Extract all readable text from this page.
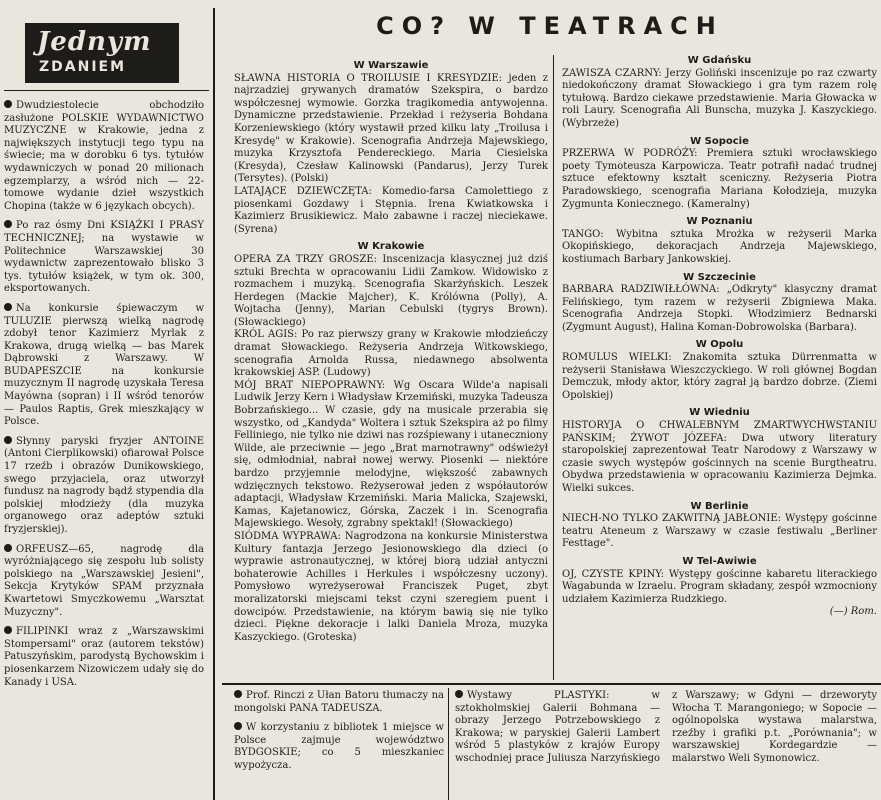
Jednym
ZDANIEM
CO? W TEATRACH

Dwudziestolecie obchodziło zasłużone POLSKIE WYDAWNICTWO MUZYCZNE w Krakowie, jedna z największych instytucji tego typu na świecie; ma w dorobku 6 tys. tytułów wydawniczych w ponad 20 milionach egzemplarzy, a wśród nich — 22-tomowe wydanie dzieł wszystkich Chopina (także w 6 językach obcych).

Po raz ósmy Dni KSIĄŻKI I PRASY TECHNICZNEJ; na wystawie w Politechnice Warszawskiej 30 wydawnictw zaprezentowało blisko 3 tys. tytułów książek, w tym ok. 300, eksportowanych.

Na konkursie śpiewaczym w TULUZIE pierwszą wielką nagrodę zdobył tenor Kazimierz Myrlak z Krakowa, drugą wielką — bas Marek Dąbrowski z Warszawy. W BUDAPESZCIE na konkursie muzycznym II nagrodę uzyskała Teresa Mayówna (sopran) i II wśród tenorów — Paulos Raptis, Grek mieszkający w Polsce.

Słynny paryski fryzjer ANTOINE (Antoni Cierplikowski) ofiarował Polsce 17 rzeźb i obrazów Dunikowskiego, swego przyjaciela, oraz utworzył fundusz na nagrody bądź stypendia dla polskiej młodzieży (dla muzyka organowego oraz adeptów sztuki fryzjerskiej).

ORFEUSZ—65, nagrodę dla wyróżniającego się zespołu lub solisty polskiego na „Warszawskiej Jesieni", Sekcja Krytyków SPAM przyznała Kwartetowi Smyczkowemu „Warsztat Muzyczny".

FILIPINKI wraz z „Warszawskimi Stompersami" oraz (autorem tekstów) Patuszyńskim, parodystą Bychowskim i piosenkarzem Nizowiczem udały się do Kanady i USA.

W Warszawie

SŁAWNA HISTORIA O TROILUSIE I KRESYDZIE: jeden z najrzadziej grywanych dramatów Szekspira, o bardzo współczesnej wymowie. Gorzka tragikomedia antywojenna. Dynamiczne przedstawienie. Przekład i reżyseria Bohdana Korzeniewskiego (który wystawił przed kilku laty „Troilusa i Kresydę" w Krakowie). Scenografia Andrzeja Majewskiego, muzyka Krzysztofa Pendereckiego. Maria Ciesielska (Kresyda), Czesław Kalinowski (Pandarus), Jerzy Turek (Tersytes). (Polski)

LATAJĄCE DZIEWCZĘTA: Komedio-farsa Camolettiego z piosenkami Gozdawy i Stępnia. Irena Kwiatkowska i Kazimierz Brusikiewicz. Mało zabawne i raczej nieciekawe. (Syrena)

W Krakowie

OPERA ZA TRZY GROSZE: Inscenizacja klasycznej już dziś sztuki Brechta w opracowaniu Lidii Zamkow. Widowisko z rozmachem i muzyką. Scenografia Skarżyńskich. Leszek Herdegen (Mackie Majcher), K. Królówna (Polly), A. Wojtacha (Jenny), Marian Cebulski (tygrys Brown). (Słowackiego)

KRÓL AGIS: Po raz pierwszy grany w Krakowie młodzieńczy dramat Słowackiego. Reżyseria Andrzeja Witkowskiego, scenografia Arnolda Russa, niedawnego absolwenta krakowskiej ASP. (Ludowy)

MÓJ BRAT NIEPOPRAWNY: Wg Oscara Wilde'a napisali Ludwik Jerzy Kern i Władysław Krzemiński, muzyka Tadeusza Bobrzańskiego... W czasie, gdy na musicale przerabia się wszystko, od „Kandyda" Woltera i sztuk Szekspira aż po filmy Felliniego, nie tylko nie dziwi nas rozśpiewany i utaneczniony Wilde, ale przeciwnie — jego „Brat marnotrawny" odświeżył się, odmłodniał, nabrał nowej werwy. Piosenki — niektóre bardzo przyjemnie melodyjne, większość zabawnych wdzięcznych tekstowo. Reżyserował jeden z współautorów adaptacji, Władysław Krzemiński. Maria Malicka, Szajewski, Kamas, Kajetanowicz, Górska, Zaczek i in. Scenografia Majewskiego. Wesoły, zgrabny spektakl! (Słowackiego)

SIÓDMA WYPRAWA: Nagrodzona na konkursie Ministerstwa Kultury fantazja Jerzego Jesionowskiego dla dzieci (o wyprawie astronautycznej, w której biorą udział antyczni bohaterowie Achilles i Herkules i współczesny uczony). Pomysłowo wyreżyserował Franciszek Puget, zbyt moralizatorski miejscami tekst czyni szeregiem puent i dowcipów. Przedstawienie, na którym bawią się nie tylko dzieci. Piękne dekoracje i lalki Daniela Mroza, muzyka Kaszyckiego. (Groteska)

W Gdańsku

ZAWISZA CZARNY: Jerzy Goliński inscenizuje po raz czwarty niedokończony dramat Słowackiego i gra tym razem rolę tytułową. Bardzo ciekawe przedstawienie. Maria Głowacka w roli Laury. Scenografia Ali Bunscha, muzyka J. Kaszyckiego. (Wybrzeże)

W Sopocie

PRZERWA W PODRÓŻY: Premiera sztuki wrocławskiego poety Tymoteusza Karpowicza. Teatr potrafił nadać trudnej sztuce efektowny kształt sceniczny. Reżyseria Piotra Paradowskiego, scenografia Mariana Kołodzieja, muzyka Zygmunta Koniecznego. (Kameralny)

W Poznaniu

TANGO: Wybitna sztuka Mrożka w reżyserii Marka Okopińskiego, dekoracjach Andrzeja Majewskiego, kostiumach Barbary Jankowskiej.

W Szczecinie

BARBARA RADZIWIŁŁÓWNA: „Odkryty" klasyczny dramat Felińskiego, tym razem w reżyserii Zbigniewa Maka. Scenografia Andrzeja Stopki. Włodzimierz Bednarski (Zygmunt August), Halina Koman-Dobrowolska (Barbara).

W Opolu

ROMULUS WIELKI: Znakomita sztuka Dürrenmatta w reżyserii Stanisława Wieszczyckiego. W roli głównej Bogdan Demczuk, młody aktor, który zagrał ją bardzo dobrze. (Ziemi Opolskiej)

W Wiedniu

HISTORYJA O CHWALEBNYM ZMARTWYCHWSTANIU PAŃSKIM; ŻYWOT JÓZEFA: Dwa utwory literatury staropolskiej zaprezentował Teatr Narodowy z Warszawy w czasie swych występów gościnnych na scenie Burgtheatru. Obydwa przedstawienia w opracowaniu Kazimierza Dejmka. Wielki sukces.

W Berlinie

NIECH-NO TYLKO ZAKWITNĄ JABŁONIE: Występy gościnne teatru Ateneum z Warszawy w czasie festiwalu „Berliner Festtage".

W Tel-Awiwie

OJ, CZYSTE KPINY: Występy gościnne kabaretu literackiego Wagabunda w Izraelu. Program składany, zespół wzmocniony udziałem Kazimierza Rudzkiego.

(—) Rom.

Prof. Rinczi z Ułan Batoru tłumaczy na mongolski PANA TADEUSZA.

W korzystaniu z bibliotek 1 miejsce w Polsce zajmuje województwo BYDGOSKIE; co 5 mieszkaniec wypożycza.

Wystawy PLASTYKI: w sztokholmskiej Galerii Bohmana — obrazy Jerzego Potrzebowskiego z Krakowa; w paryskiej Galerii Lambert wśród 5 plastyków z krajów Europy wschodniej prace Juliusza Narzyńskiego z Warszawy; w Gdyni — drzeworyty Włocha T. Marangoniego; w Sopocie — ogólnopolska wystawa malarstwa, rzeźby i grafiki p.t. „Porównania"; w warszawskiej Kordegardzie — malarstwo Weli Symonowicz.
